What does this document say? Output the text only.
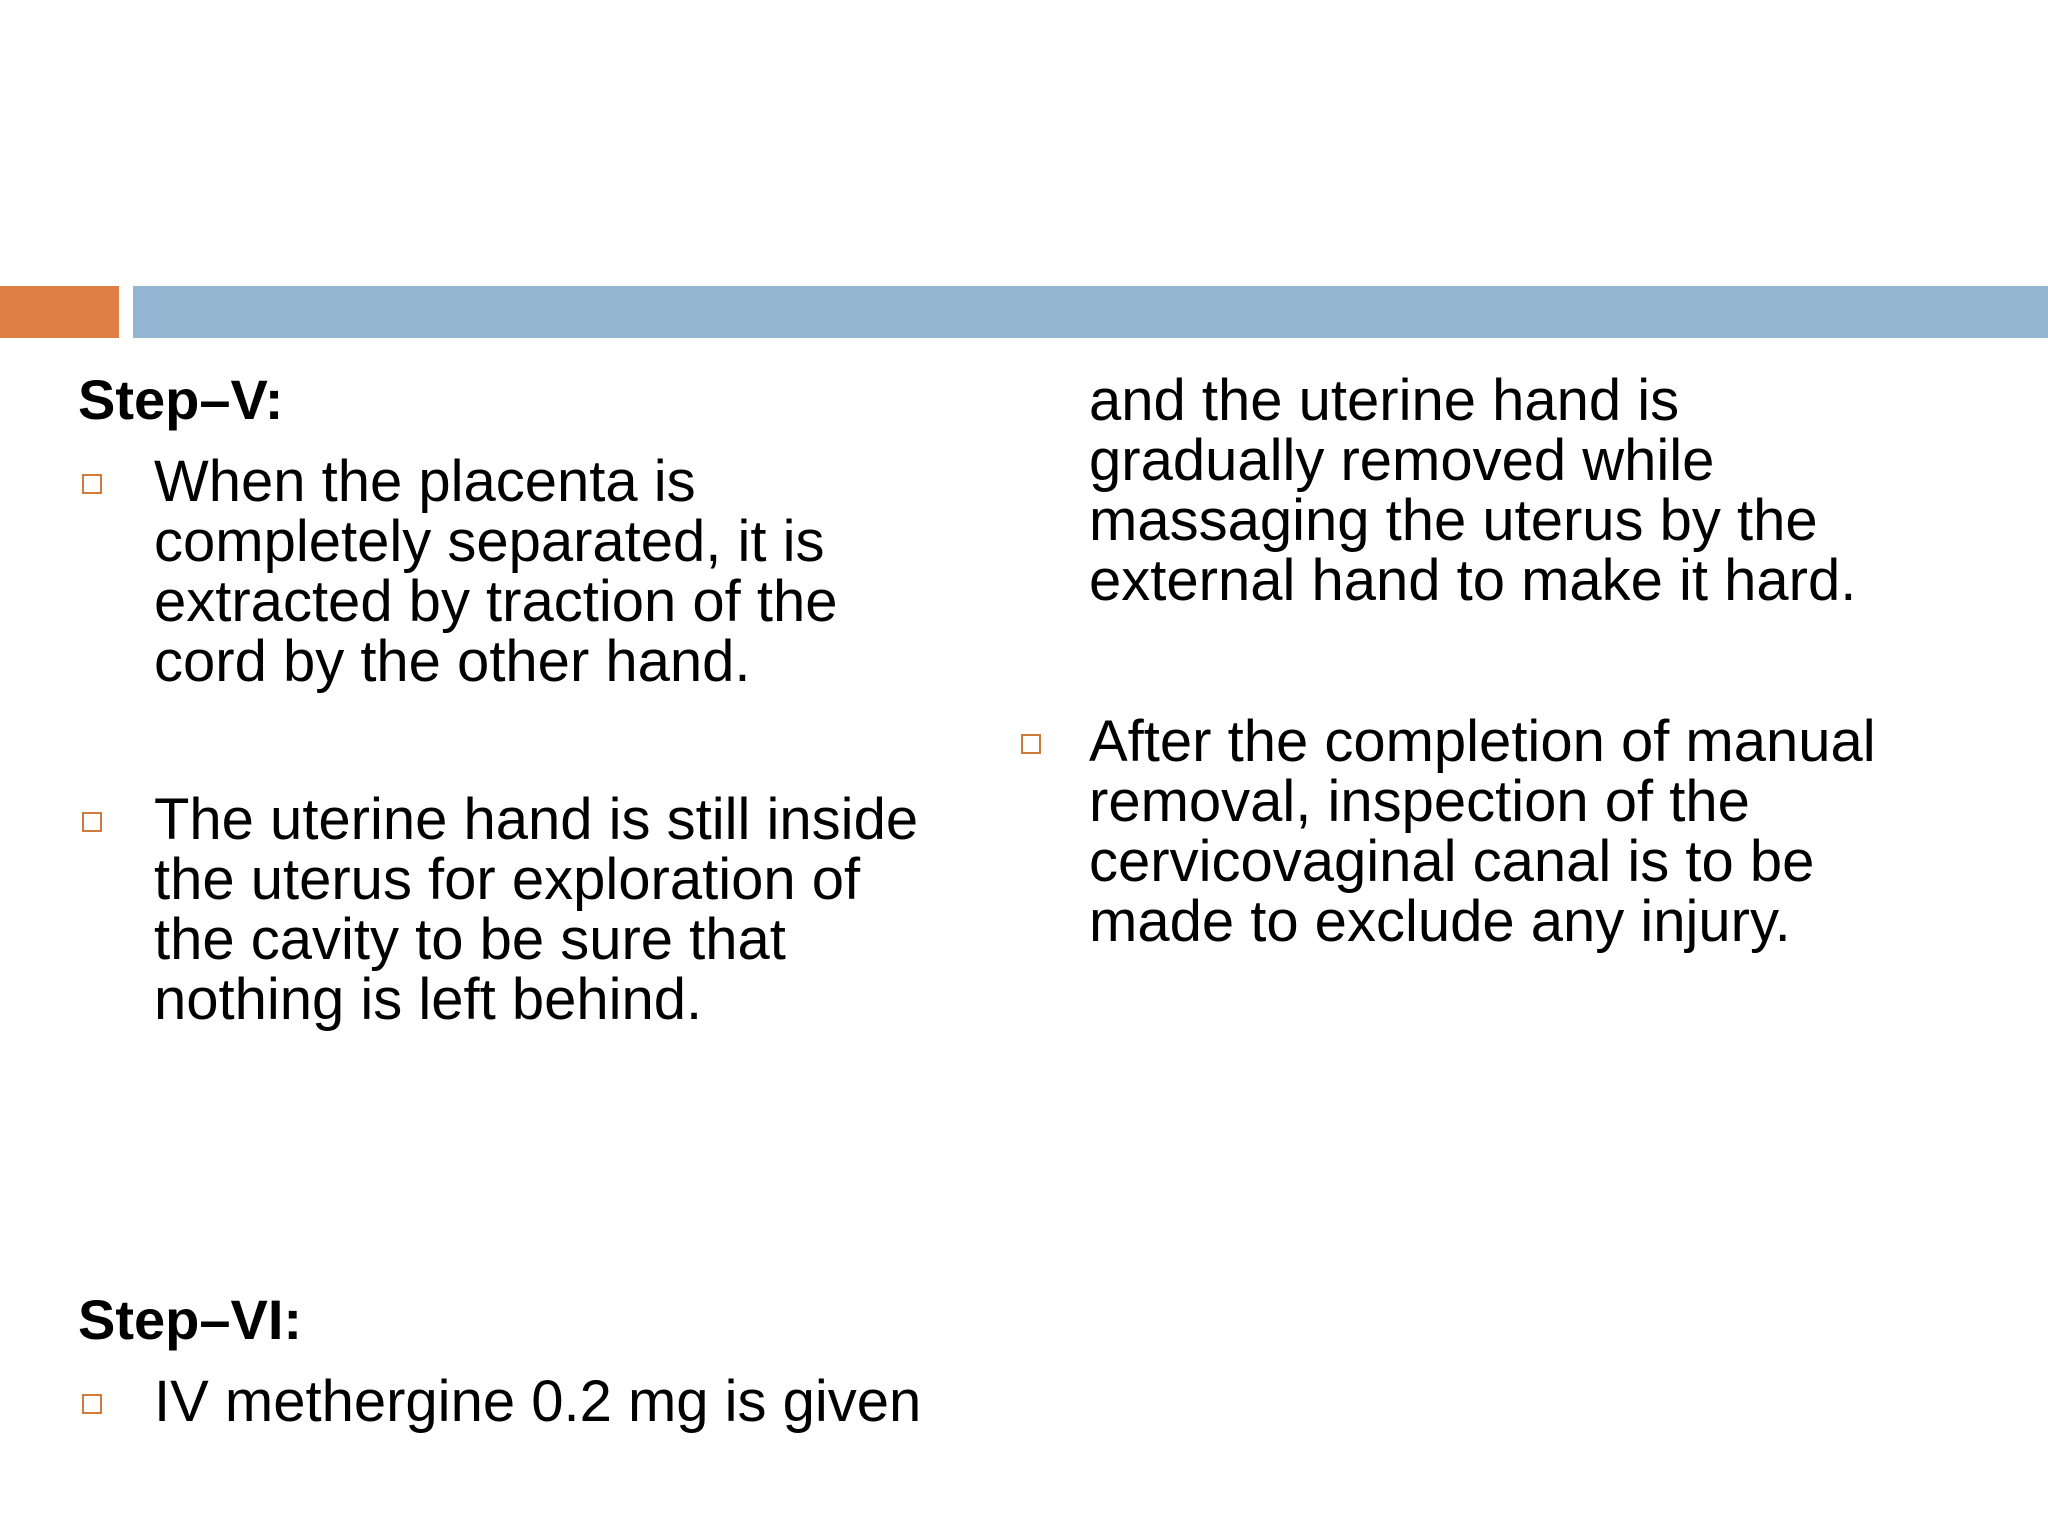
Step–V:
When the placenta is
completely separated, it is
extracted by traction of the
cord by the other hand.
The uterine hand is still inside
the uterus for exploration of
the cavity to be sure that
nothing is left behind.
Step–VI:
IV methergine 0.2 mg is given
and the uterine hand is
gradually removed while
massaging the uterus by the
external hand to make it hard.
After the completion of manual
removal, inspection of the
cervicovaginal canal is to be
made to exclude any injury.
